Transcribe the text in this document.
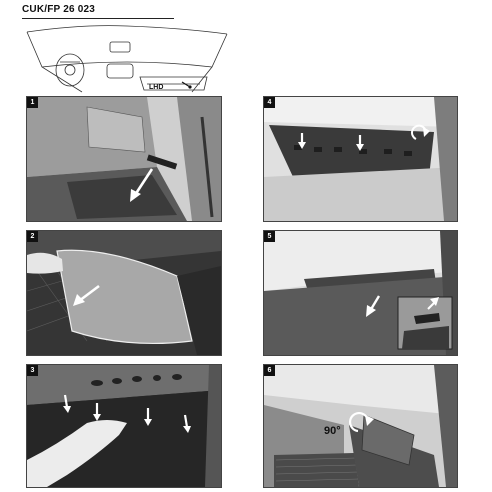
CUK/FP 26 023
LHD
1
2
3
4
5
90°
6
